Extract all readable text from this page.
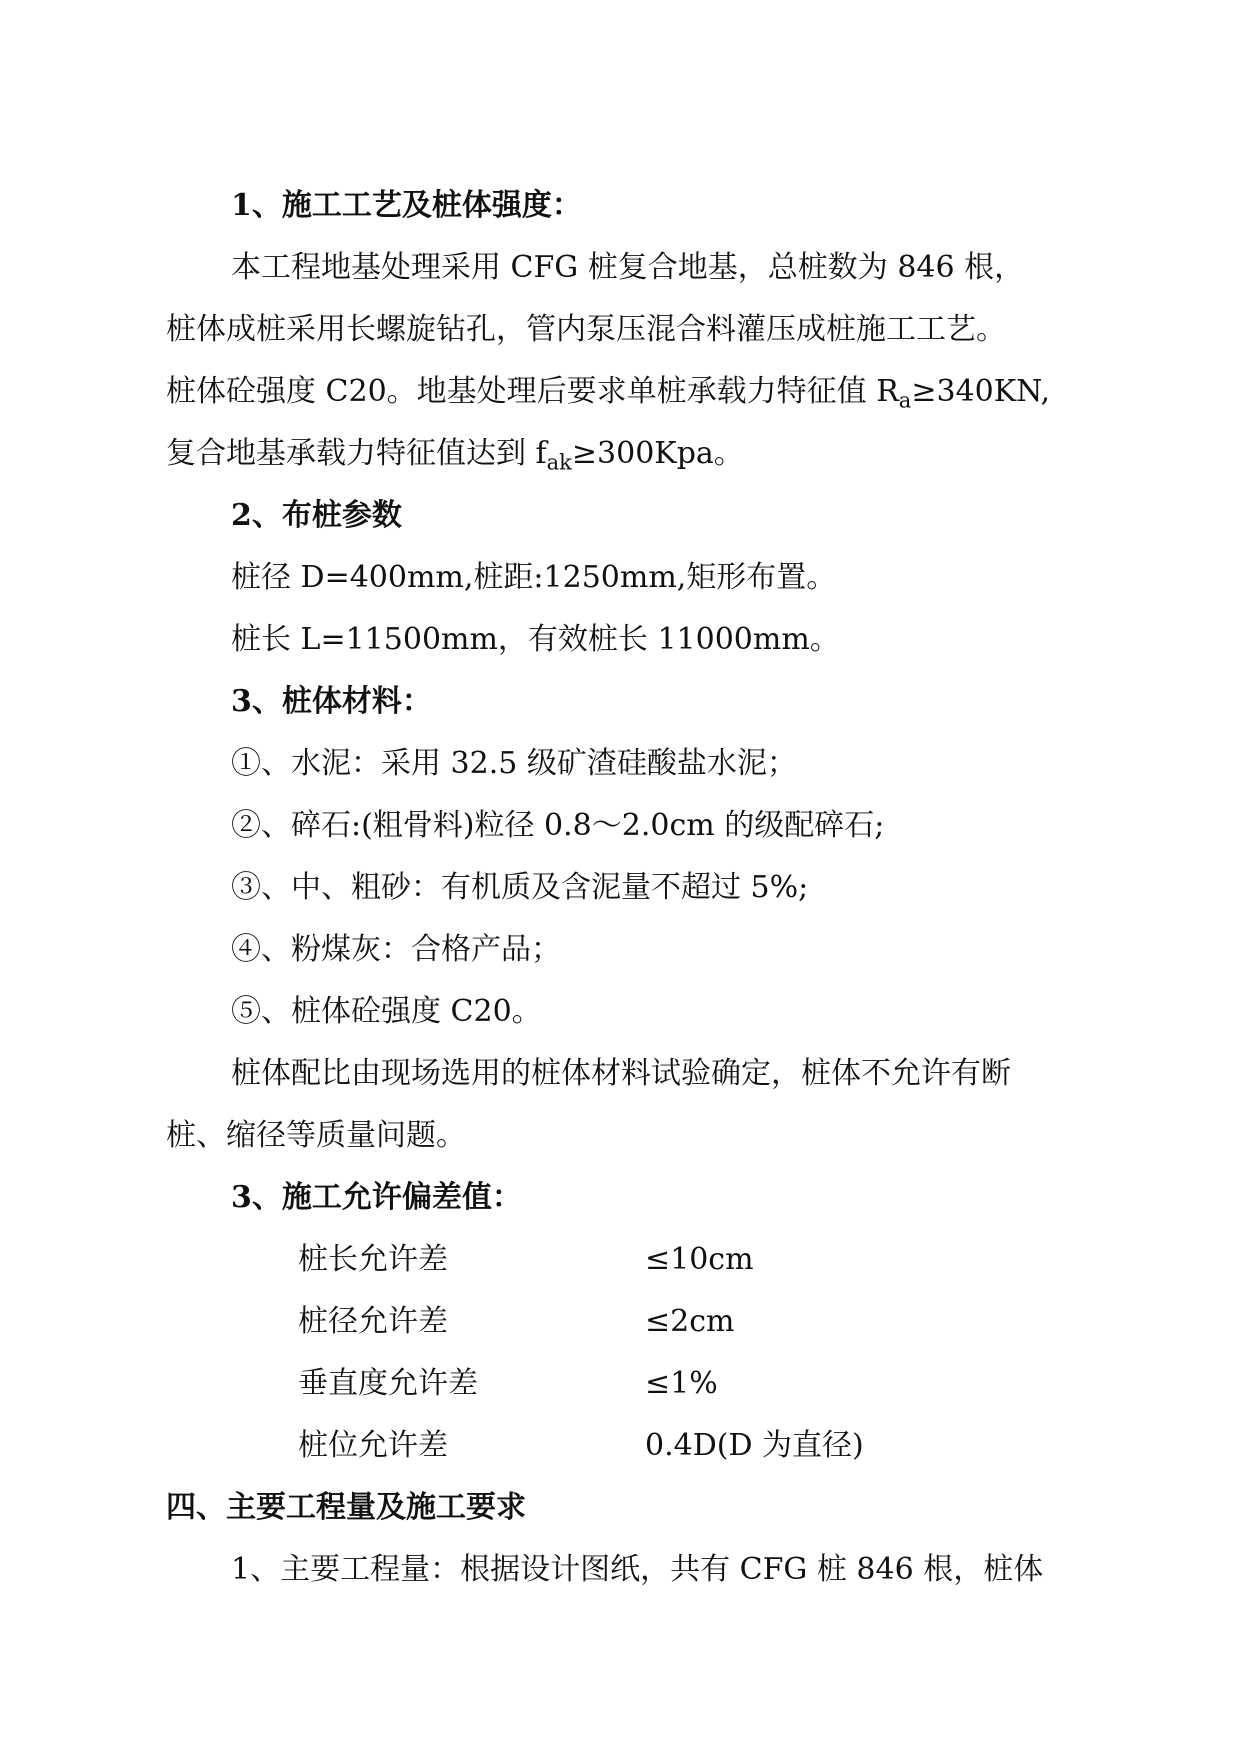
1、施工工艺及桩体强度：
本工程地基处理采用 CFG 桩复合地基，总桩数为 846 根，
桩体成桩采用长螺旋钻孔，管内泵压混合料灌压成桩施工工艺。
桩体砼强度 C20。地基处理后要求单桩承载力特征值 $R_a\ge 340KN$,
复合地基承载力特征值达到 $f_{ak}\ge 300Kpa$。
2、布桩参数
桩径 D=400mm,桩距:1250mm,矩形布置。
桩长 L=11500mm，有效桩长 11000mm。
3、桩体材料：
①、水泥：采用 32.5 级矿渣硅酸盐水泥；
②、碎石:(粗骨料)粒径 0.8～2.0cm 的级配碎石;
③、中、粗砂：有机质及含泥量不超过 5%;
④、粉煤灰：合格产品；
⑤、桩体砼强度 C20。
桩体配比由现场选用的桩体材料试验确定，桩体不允许有断
桩、缩径等质量问题。
3、施工允许偏差值：
桩长允许差	≤10cm
桩径允许差	≤2cm
垂直度允许差	≤1%
桩位允许差	0.4D(D 为直径)
四、主要工程量及施工要求
1、主要工程量：根据设计图纸，共有 CFG 桩 846 根，桩体
